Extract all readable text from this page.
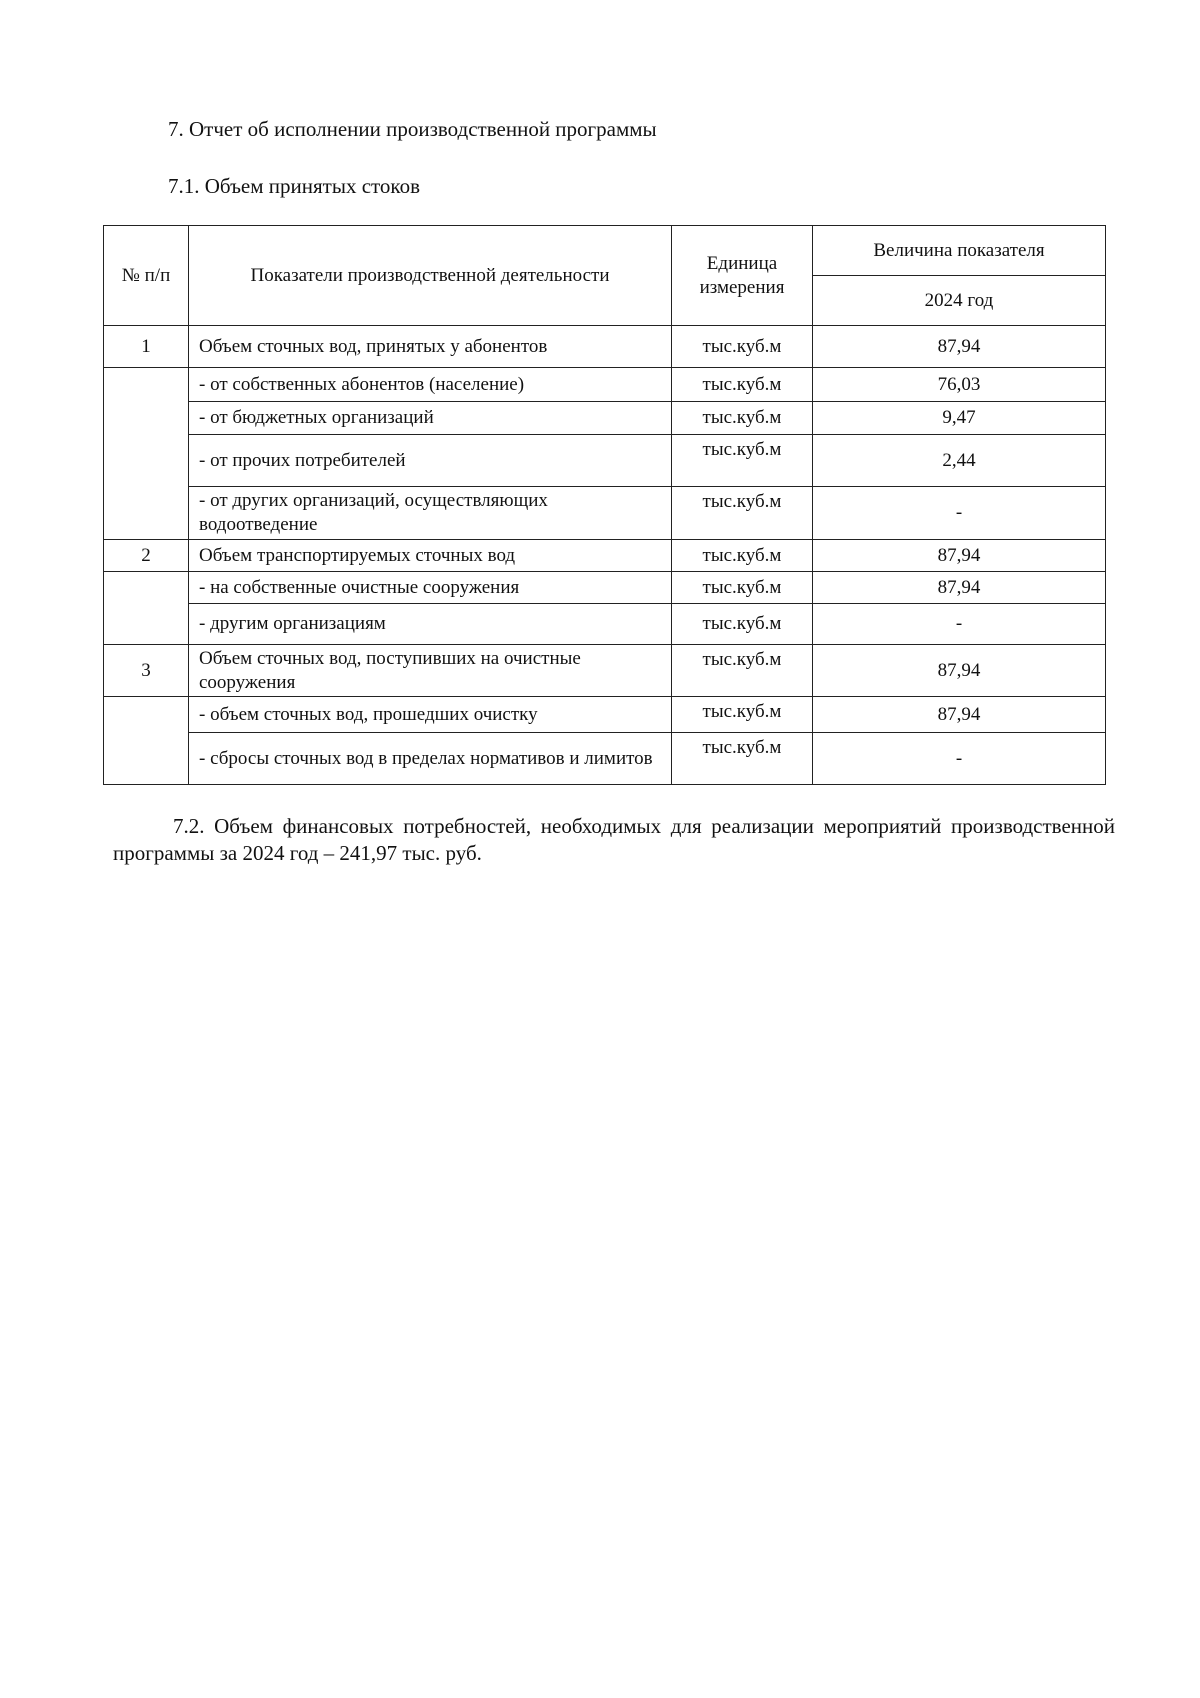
7. Отчет об исполнении производственной программы
7.1. Объем принятых стоков
№ п/п	Показатели производственной деятельности	Единица измерения	Величина показателя
			2024 год
1	Объем сточных вод, принятых у абонентов	тыс.куб.м	87,94
	- от собственных абонентов (население)	тыс.куб.м	76,03
	- от бюджетных организаций	тыс.куб.м	9,47
	- от прочих потребителей	тыс.куб.м	2,44
	- от других организаций, осуществляющих водоотведение	тыс.куб.м	-
2	Объем транспортируемых сточных вод	тыс.куб.м	87,94
	- на собственные очистные сооружения	тыс.куб.м	87,94
	- другим организациям	тыс.куб.м	-
3	Объем сточных вод, поступивших на очистные сооружения	тыс.куб.м	87,94
	- объем сточных вод, прошедших очистку	тыс.куб.м	87,94
	- сбросы сточных вод в пределах нормативов и лимитов	тыс.куб.м	-
7.2. Объем финансовых потребностей, необходимых для реализации мероприятий производственной программы за 2024 год – 241,97 тыс. руб.
